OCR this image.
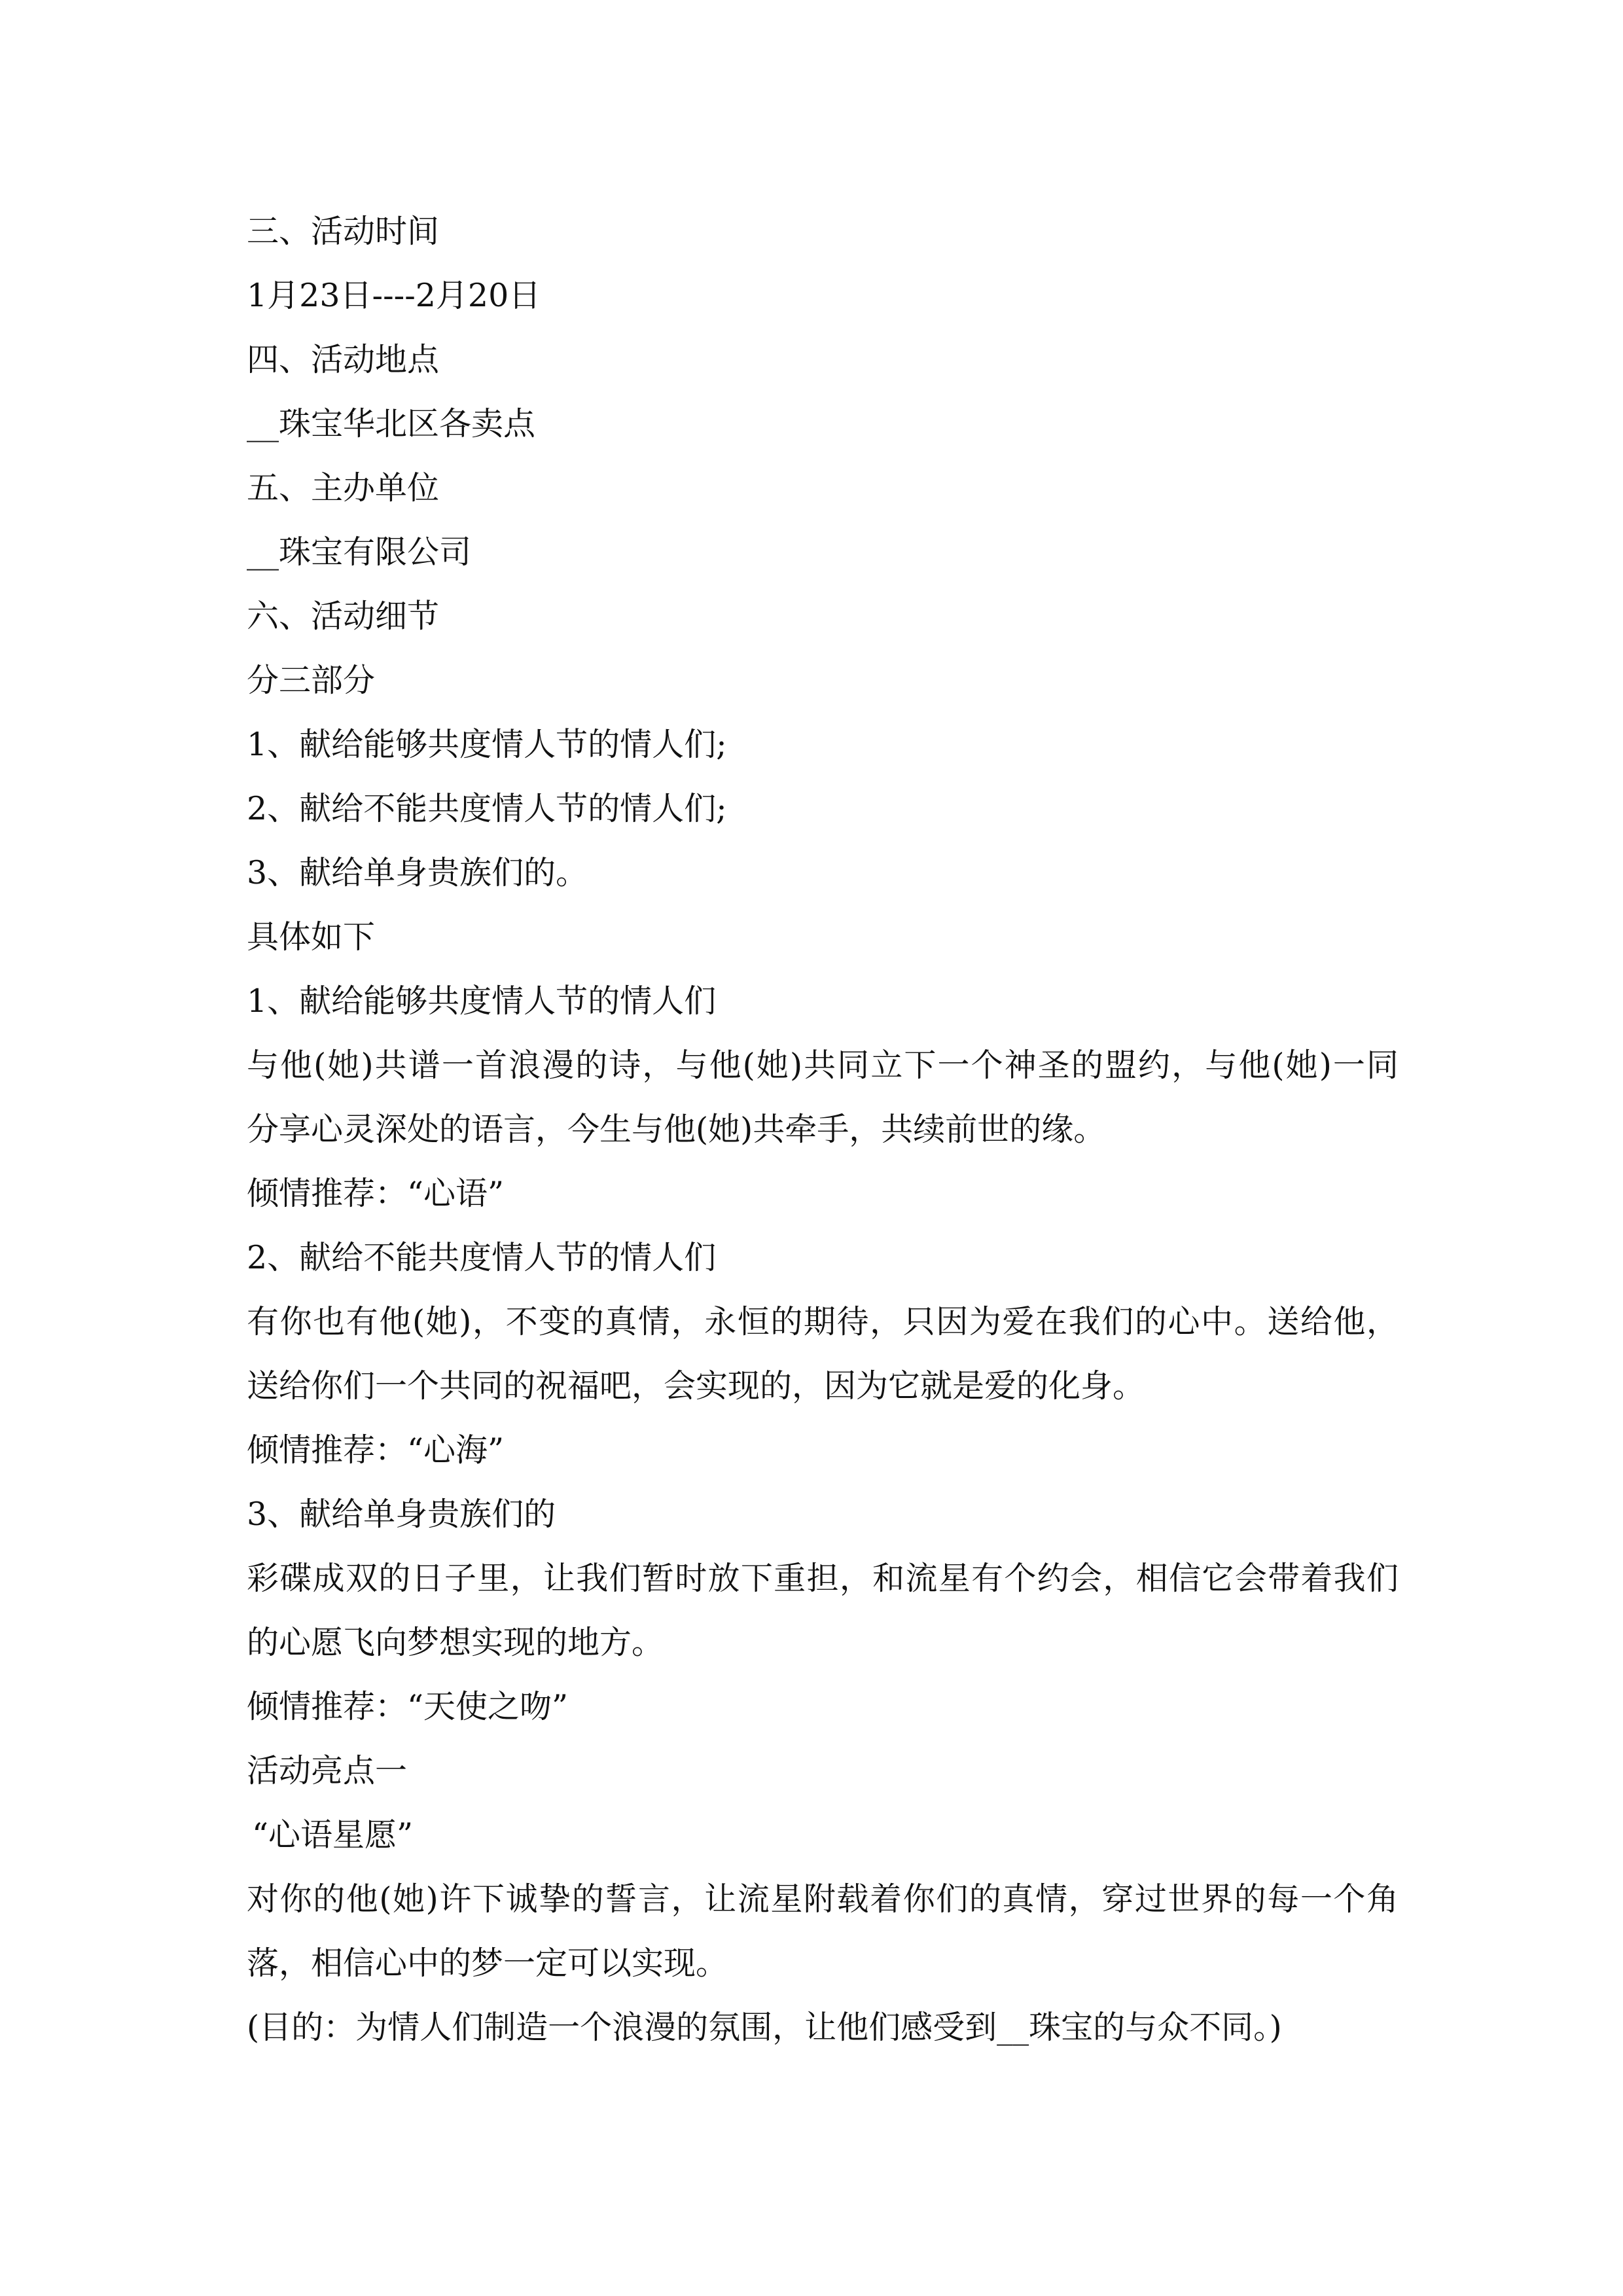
三、活动时间
1月23日----2月20日
四、活动地点
__珠宝华北区各卖点
五、主办单位
__珠宝有限公司
六、活动细节
分三部分
1、献给能够共度情人节的情人们;
2、献给不能共度情人节的情人们;
3、献给单身贵族们的。
具体如下
1、献给能够共度情人节的情人们
与他(她)共谱一首浪漫的诗，与他(她)共同立下一个神圣的盟约，与他(她)一同
分享心灵深处的语言，今生与他(她)共牵手，共续前世的缘。
倾情推荐：“心语”
2、献给不能共度情人节的情人们
有你也有他(她)，不变的真情，永恒的期待，只因为爱在我们的心中。送给他，
送给你们一个共同的祝福吧，会实现的，因为它就是爱的化身。
倾情推荐：“心海”
3、献给单身贵族们的
彩碟成双的日子里，让我们暂时放下重担，和流星有个约会，相信它会带着我们
的心愿飞向梦想实现的地方。
倾情推荐：“天使之吻”
活动亮点一
“心语星愿”
对你的他(她)许下诚挚的誓言，让流星附载着你们的真情，穿过世界的每一个角
落，相信心中的梦一定可以实现。
(目的：为情人们制造一个浪漫的氛围，让他们感受到__珠宝的与众不同。)
